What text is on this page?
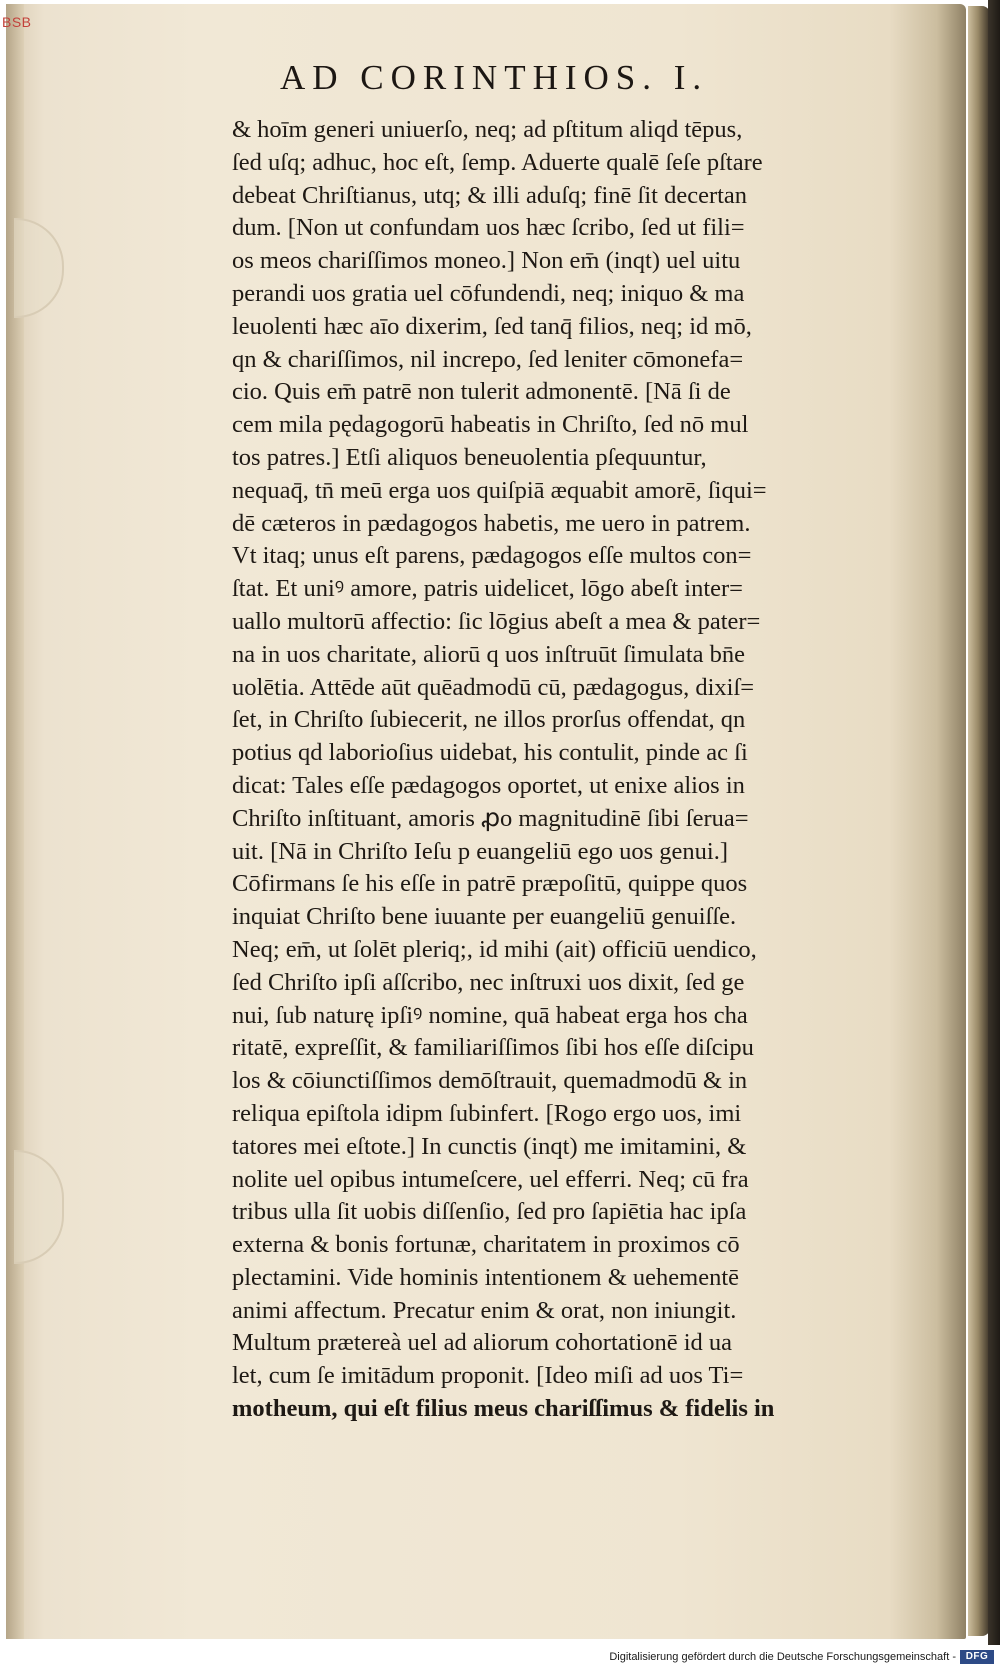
BSB
AD CORINTHIOS. I.
& hoīm generi uniuerſo, neq; ad pſtitum aliqd tēpus,
ſed uſq; adhuc, hoc eſt, ſemp. Aduerte qualē ſeſe pſtare
debeat Chriſtianus, utq; & illi aduſq; finē ſit decertan
dum. [Non ut confundam uos hæc ſcribo, ſed ut fili=
os meos chariſſimos moneo.] Non em̄ (inqt) uel uitu
perandi uos gratia uel cōfundendi, neq; iniquo & ma
leuolenti hæc aīo dixerim, ſed tanq̄ filios, neq; id mō,
qn & chariſſimos, nil increpo, ſed leniter cōmonefa=
cio. Quis em̄ patrē non tulerit admonentē. [Nā ſi de
cem mila pędagogorū habeatis in Chriſto, ſed nō mul
tos patres.] Etſi aliquos beneuolentia pſequuntur,
nequaq̄, tn̄ meū erga uos quiſpiā æquabit amorē, ſiqui=
dē cæteros in pædagogos habetis, me uero in patrem.
Vt itaq; unus eſt parens, pædagogos eſſe multos con=
ſtat. Et uniꝰ amore, patris uidelicet, lōgo abeſt inter=
uallo multorū affectio: ſic lōgius abeſt a mea & pater=
na in uos charitate, aliorū q uos inſtruūt ſimulata bn̄e
uolētia. Attēde aūt quēadmodū cū, pædagogus, dixiſ=
ſet, in Chriſto ſubiecerit, ne illos prorſus offendat, qn
potius qd laborioſius uidebat, his contulit, pinde ac ſi
dicat: Tales eſſe pædagogos oportet, ut enixe alios in
Chriſto inſtituant, amoris ꝓo magnitudinē ſibi ſerua=
uit. [Nā in Chriſto Ieſu p euangeliū ego uos genui.]
Cōfirmans ſe his eſſe in patrē præpoſitū, quippe quos
inquiat Chriſto bene iuuante per euangeliū genuiſſe.
Neq; em̄, ut ſolēt pleriq;, id mihi (ait) officiū uendico,
ſed Chriſto ipſi aſſcribo, nec inſtruxi uos dixit, ſed ge
nui, ſub naturę ipſiꝰ nomine, quā habeat erga hos cha
ritatē, expreſſit, & familiariſſimos ſibi hos eſſe diſcipu
los & cōiunctiſſimos demōſtrauit, quemadmodū & in
reliqua epiſtola idipm ſubinfert. [Rogo ergo uos, imi
tatores mei eſtote.] In cunctis (inqt) me imitamini, &
nolite uel opibus intumeſcere, uel efferri. Neq; cū fra
tribus ulla ſit uobis diſſenſio, ſed pro ſapiētia hac ipſa
externa & bonis fortunæ, charitatem in proximos cō
plectamini. Vide hominis intentionem & uehementē
animi affectum. Precatur enim & orat, non iniungit.
Multum prætereà uel ad aliorum cohortationē id ua
let, cum ſe imitādum proponit. [Ideo miſi ad uos Ti=
motheum, qui eſt filius meus chariſſimus & fidelis in
Digitalisierung gefördert durch die Deutsche Forschungsgemeinschaft - DFG
